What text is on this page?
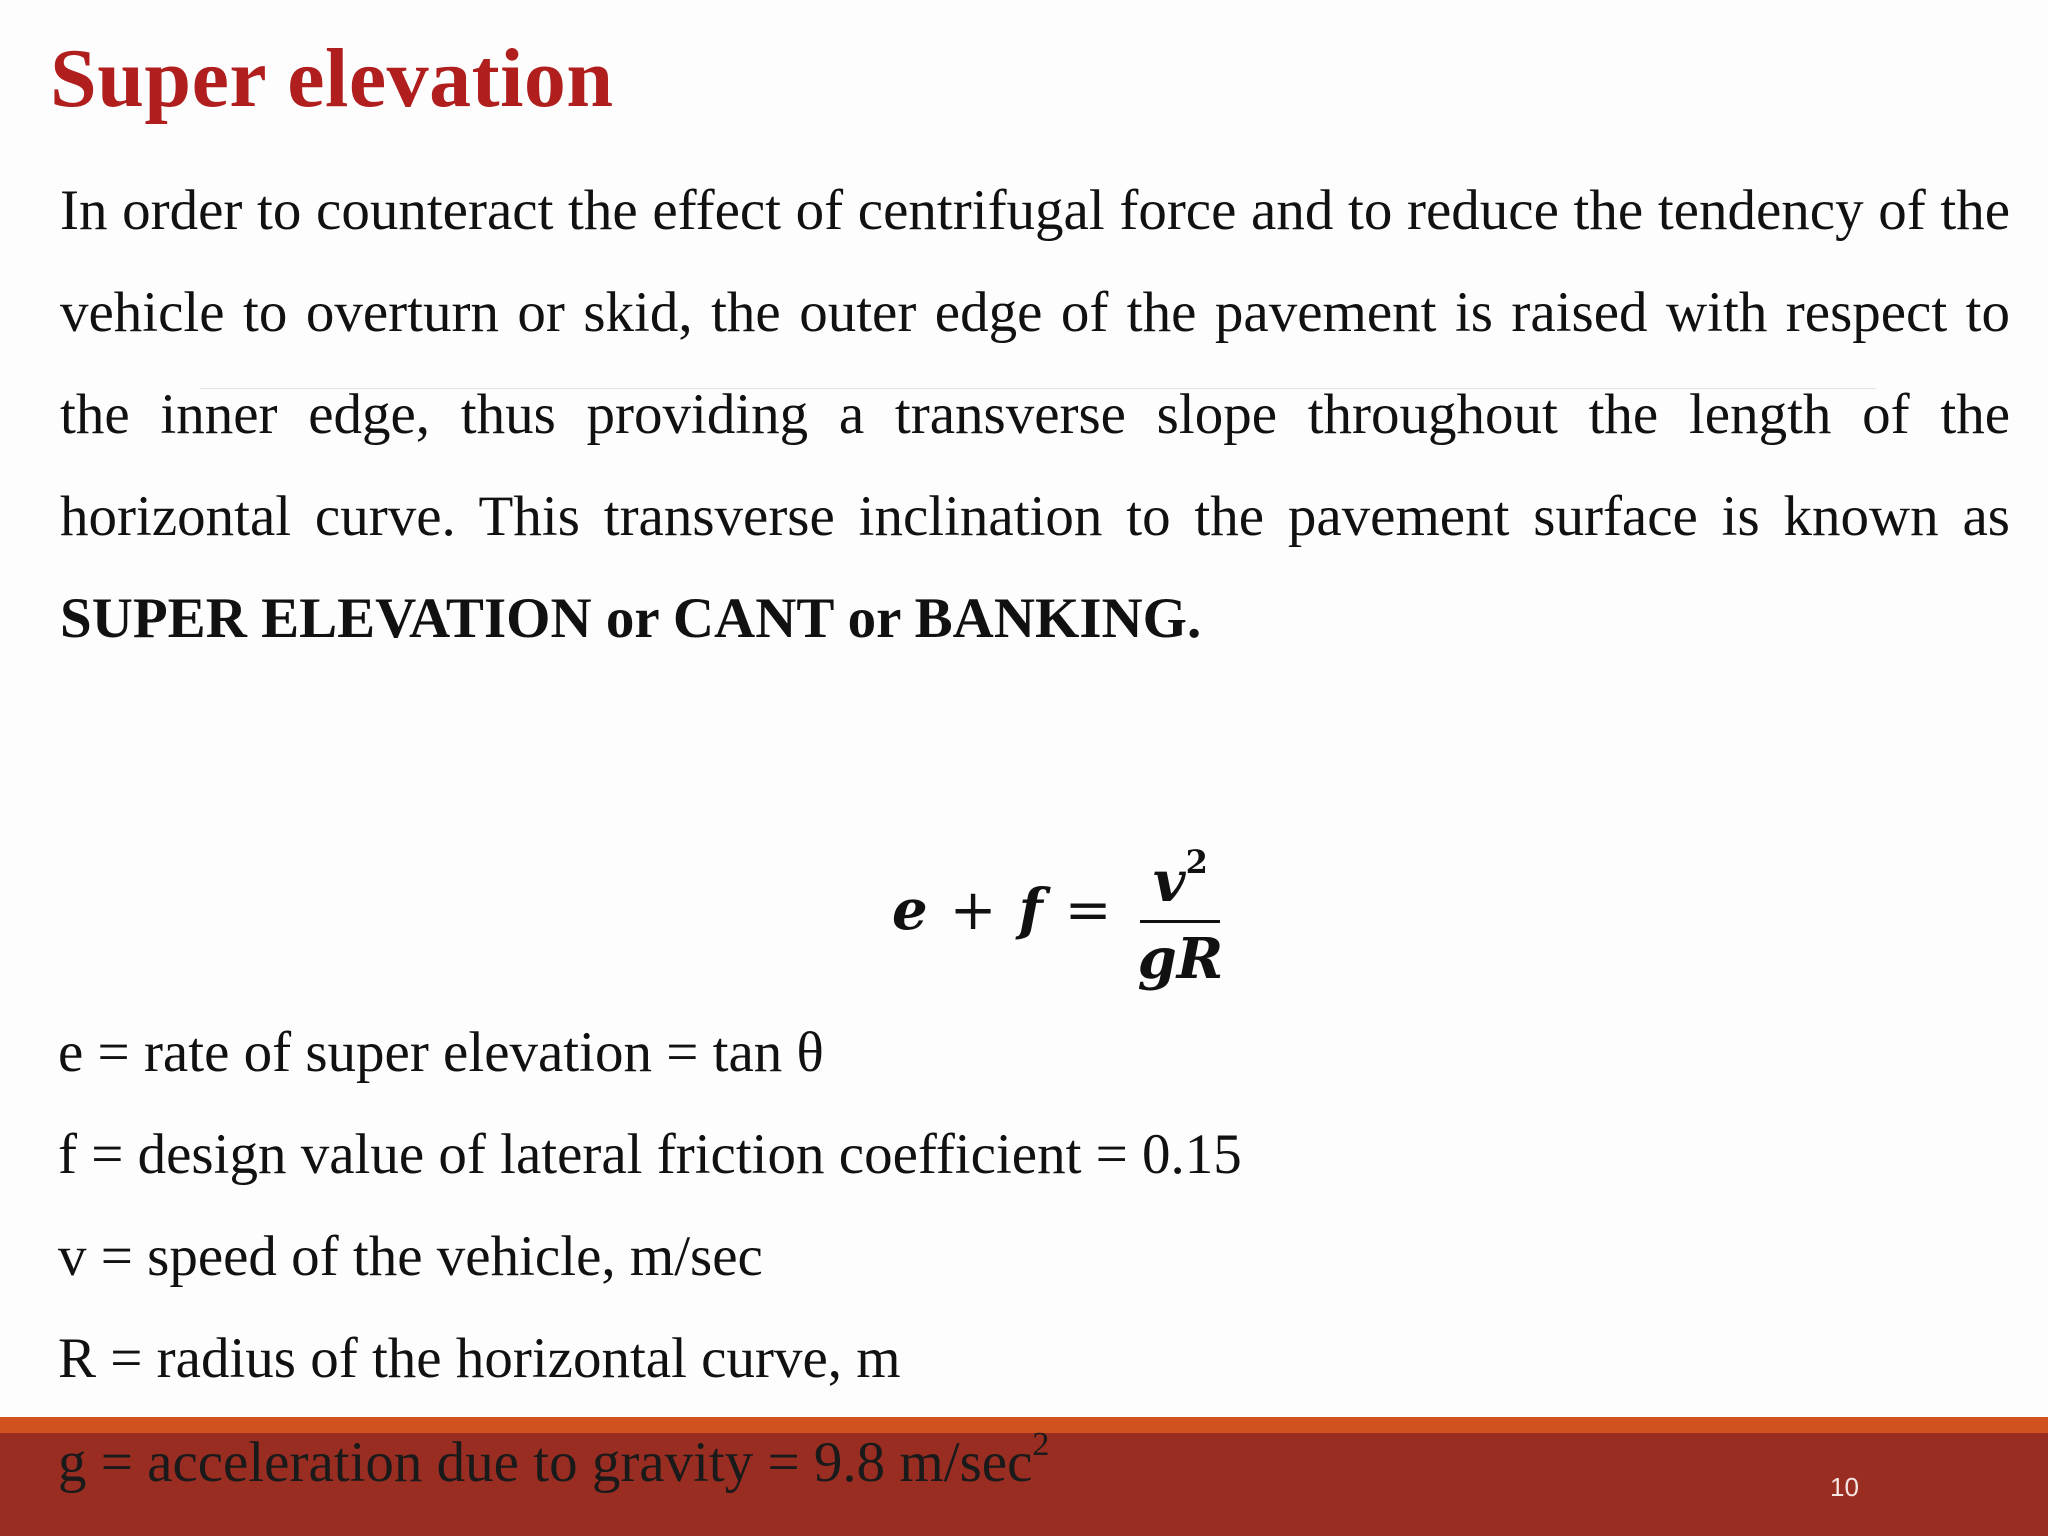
Super elevation
In order to counteract the effect of centrifugal force and to reduce the tendency of the vehicle to overturn or skid, the outer edge of the pavement is raised with respect to the inner edge, thus providing a transverse slope throughout the length of the horizontal curve. This transverse inclination to the pavement surface is known as SUPER ELEVATION or CANT or BANKING.
$e + f = \frac{v^2}{gR}$
e = rate of super elevation = tan θ
f = design value of lateral friction coefficient = 0.15
v = speed of the vehicle, m/sec
R = radius of the horizontal curve, m
g = acceleration due to gravity = 9.8 $m/\sec^2$
10
